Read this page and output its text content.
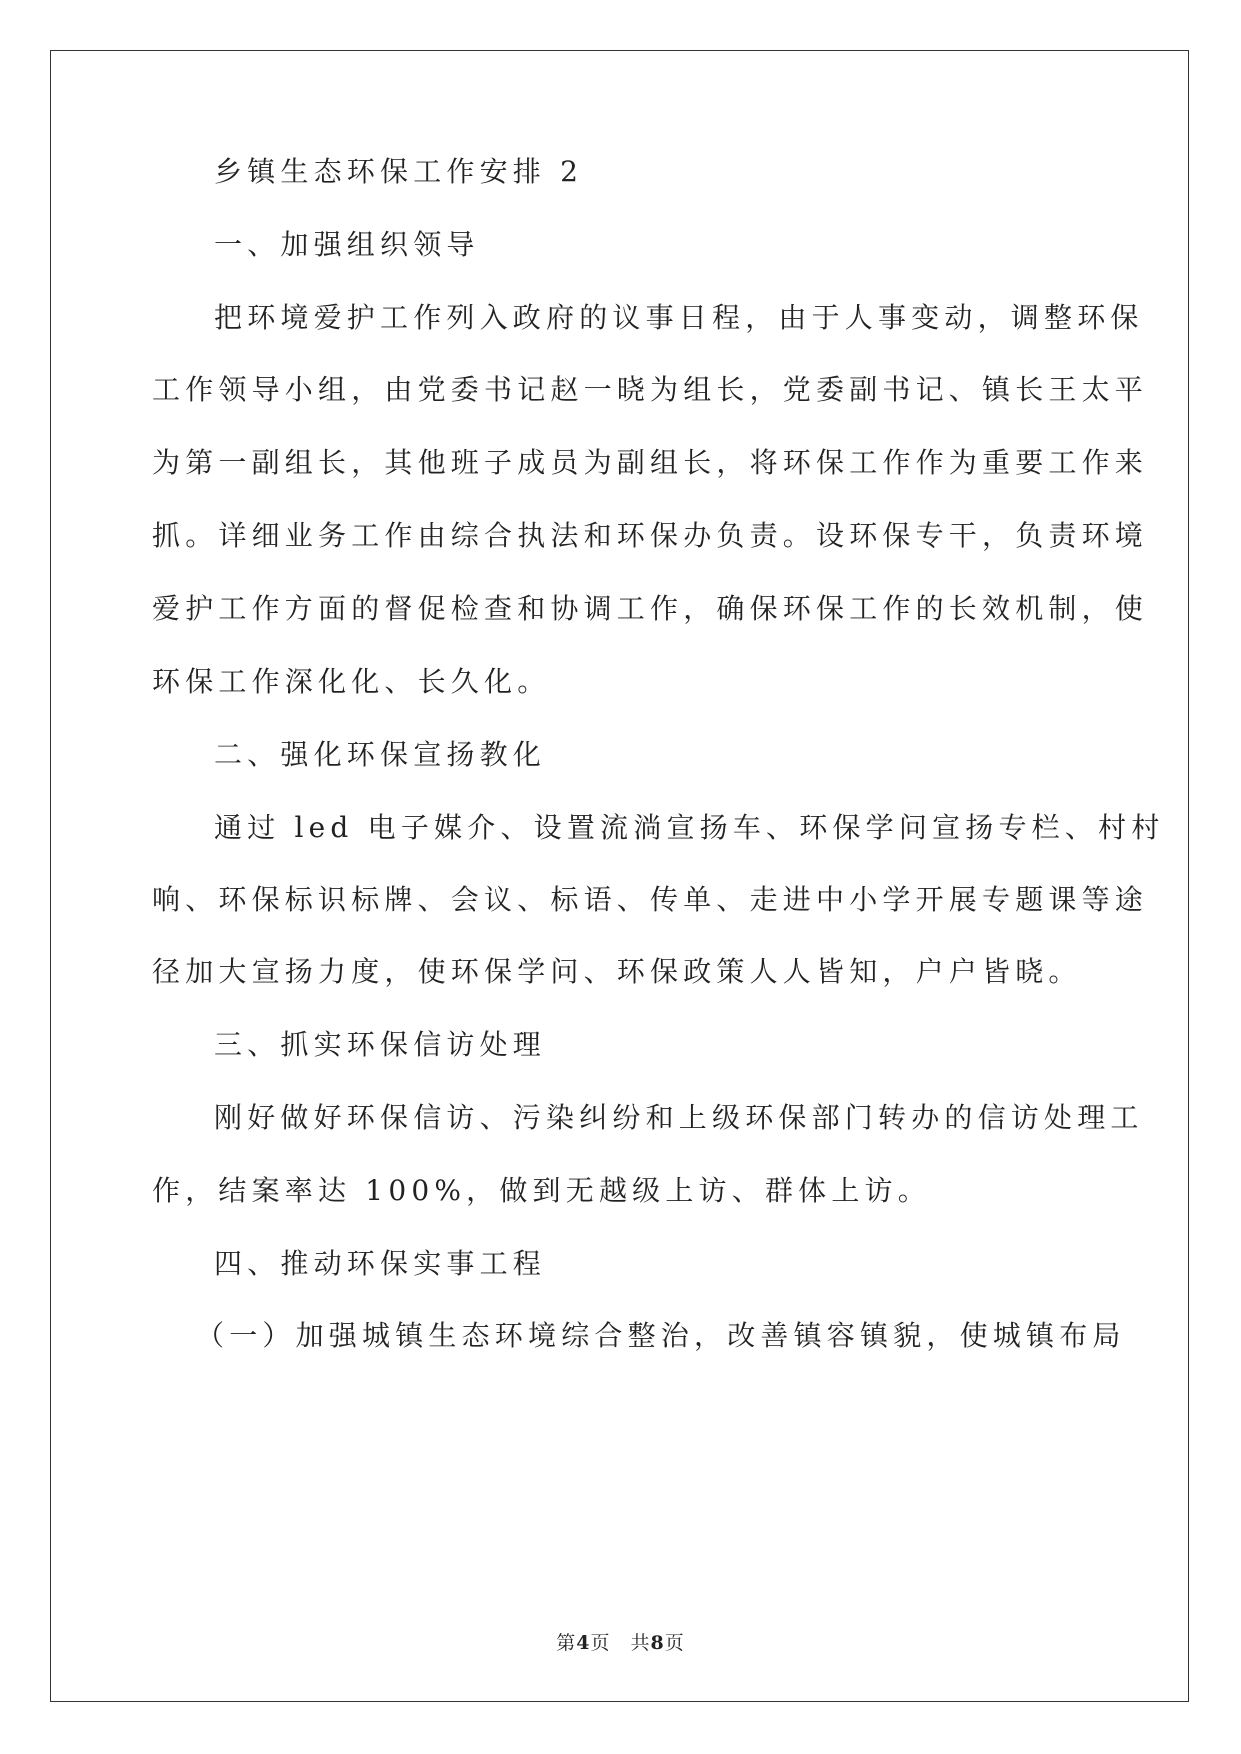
乡镇生态环保工作安排 2
一、加强组织领导
把环境爱护工作列入政府的议事日程，由于人事变动，调整环保
工作领导小组，由党委书记赵一晓为组长，党委副书记、镇长王太平
为第一副组长，其他班子成员为副组长，将环保工作作为重要工作来
抓。详细业务工作由综合执法和环保办负责。设环保专干，负责环境
爱护工作方面的督促检查和协调工作，确保环保工作的长效机制，使
环保工作深化化、长久化。
二、强化环保宣扬教化
通过 led 电子媒介、设置流淌宣扬车、环保学问宣扬专栏、村村
响、环保标识标牌、会议、标语、传单、走进中小学开展专题课等途
径加大宣扬力度，使环保学问、环保政策人人皆知，户户皆晓。
三、抓实环保信访处理
刚好做好环保信访、污染纠纷和上级环保部门转办的信访处理工
作，结案率达 100%，做到无越级上访、群体上访。
四、推动环保实事工程
（一）加强城镇生态环境综合整治，改善镇容镇貌，使城镇布局
第4页　共8页
